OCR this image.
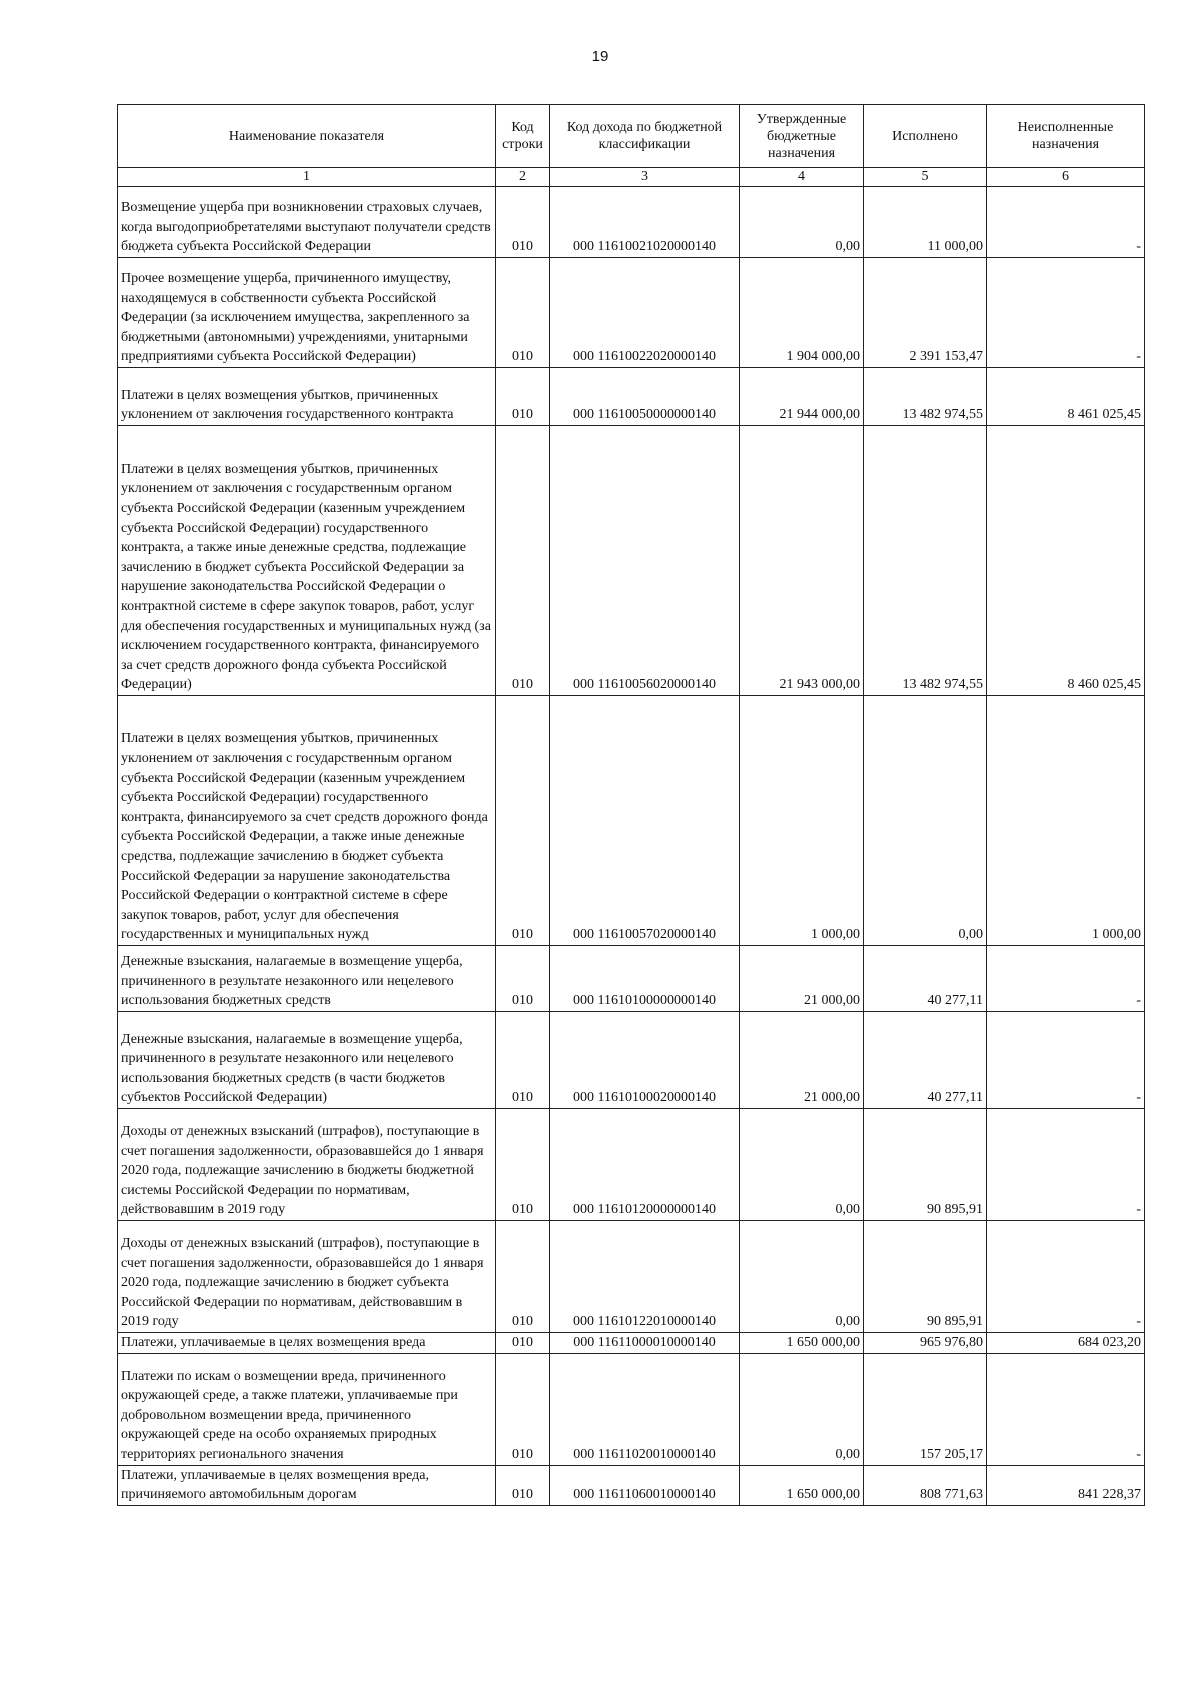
19
Наименование показателя	Код строки	Код дохода по бюджетной классификации	Утвержденные бюджетные назначения	Исполнено	Неисполненные назначения
1	2	3	4	5	6
Возмещение ущерба при возникновении страховых случаев, когда выгодоприобретателями выступают получатели средств бюджета субъекта Российской Федерации	010	000 11610021020000140	0,00	11 000,00	-
Прочее возмещение ущерба, причиненного имуществу, находящемуся в собственности субъекта Российской Федерации (за исключением имущества, закрепленного за бюджетными (автономными) учреждениями, унитарными предприятиями субъекта Российской Федерации)	010	000 11610022020000140	1 904 000,00	2 391 153,47	-
Платежи в целях возмещения убытков, причиненных уклонением от заключения государственного контракта	010	000 11610050000000140	21 944 000,00	13 482 974,55	8 461 025,45
Платежи в целях возмещения убытков, причиненных уклонением от заключения с государственным органом субъекта Российской Федерации (казенным учреждением субъекта Российской Федерации) государственного контракта, а также иные денежные средства, подлежащие зачислению в бюджет субъекта Российской Федерации за нарушение законодательства Российской Федерации о контрактной системе в сфере закупок товаров, работ, услуг для обеспечения государственных и муниципальных нужд (за исключением государственного контракта, финансируемого за счет средств дорожного фонда субъекта Российской Федерации)	010	000 11610056020000140	21 943 000,00	13 482 974,55	8 460 025,45
Платежи в целях возмещения убытков, причиненных уклонением от заключения с государственным органом субъекта Российской Федерации (казенным учреждением субъекта Российской Федерации) государственного контракта, финансируемого за счет средств дорожного фонда субъекта Российской Федерации, а также иные денежные средства, подлежащие зачислению в бюджет субъекта Российской Федерации за нарушение законодательства Российской Федерации о контрактной системе в сфере закупок товаров, работ, услуг для обеспечения государственных и муниципальных нужд	010	000 11610057020000140	1 000,00	0,00	1 000,00
Денежные взыскания, налагаемые в возмещение ущерба, причиненного в результате незаконного или нецелевого использования бюджетных средств	010	000 11610100000000140	21 000,00	40 277,11	-
Денежные взыскания, налагаемые в возмещение ущерба, причиненного в результате незаконного или нецелевого использования бюджетных средств (в части бюджетов субъектов Российской Федерации)	010	000 11610100020000140	21 000,00	40 277,11	-
Доходы от денежных взысканий (штрафов), поступающие в счет погашения задолженности, образовавшейся до 1 января 2020 года, подлежащие зачислению в бюджеты бюджетной системы Российской Федерации по нормативам, действовавшим в 2019 году	010	000 11610120000000140	0,00	90 895,91	-
Доходы от денежных взысканий (штрафов), поступающие в счет погашения задолженности, образовавшейся до 1 января 2020 года, подлежащие зачислению в бюджет субъекта Российской Федерации по нормативам, действовавшим в 2019 году	010	000 11610122010000140	0,00	90 895,91	-
Платежи, уплачиваемые в целях возмещения вреда	010	000 11611000010000140	1 650 000,00	965 976,80	684 023,20
Платежи по искам о возмещении вреда, причиненного окружающей среде, а также платежи, уплачиваемые при добровольном возмещении вреда, причиненного окружающей среде на особо охраняемых природных территориях регионального значения	010	000 11611020010000140	0,00	157 205,17	-
Платежи, уплачиваемые в целях возмещения вреда, причиняемого автомобильным дорогам	010	000 11611060010000140	1 650 000,00	808 771,63	841 228,37
